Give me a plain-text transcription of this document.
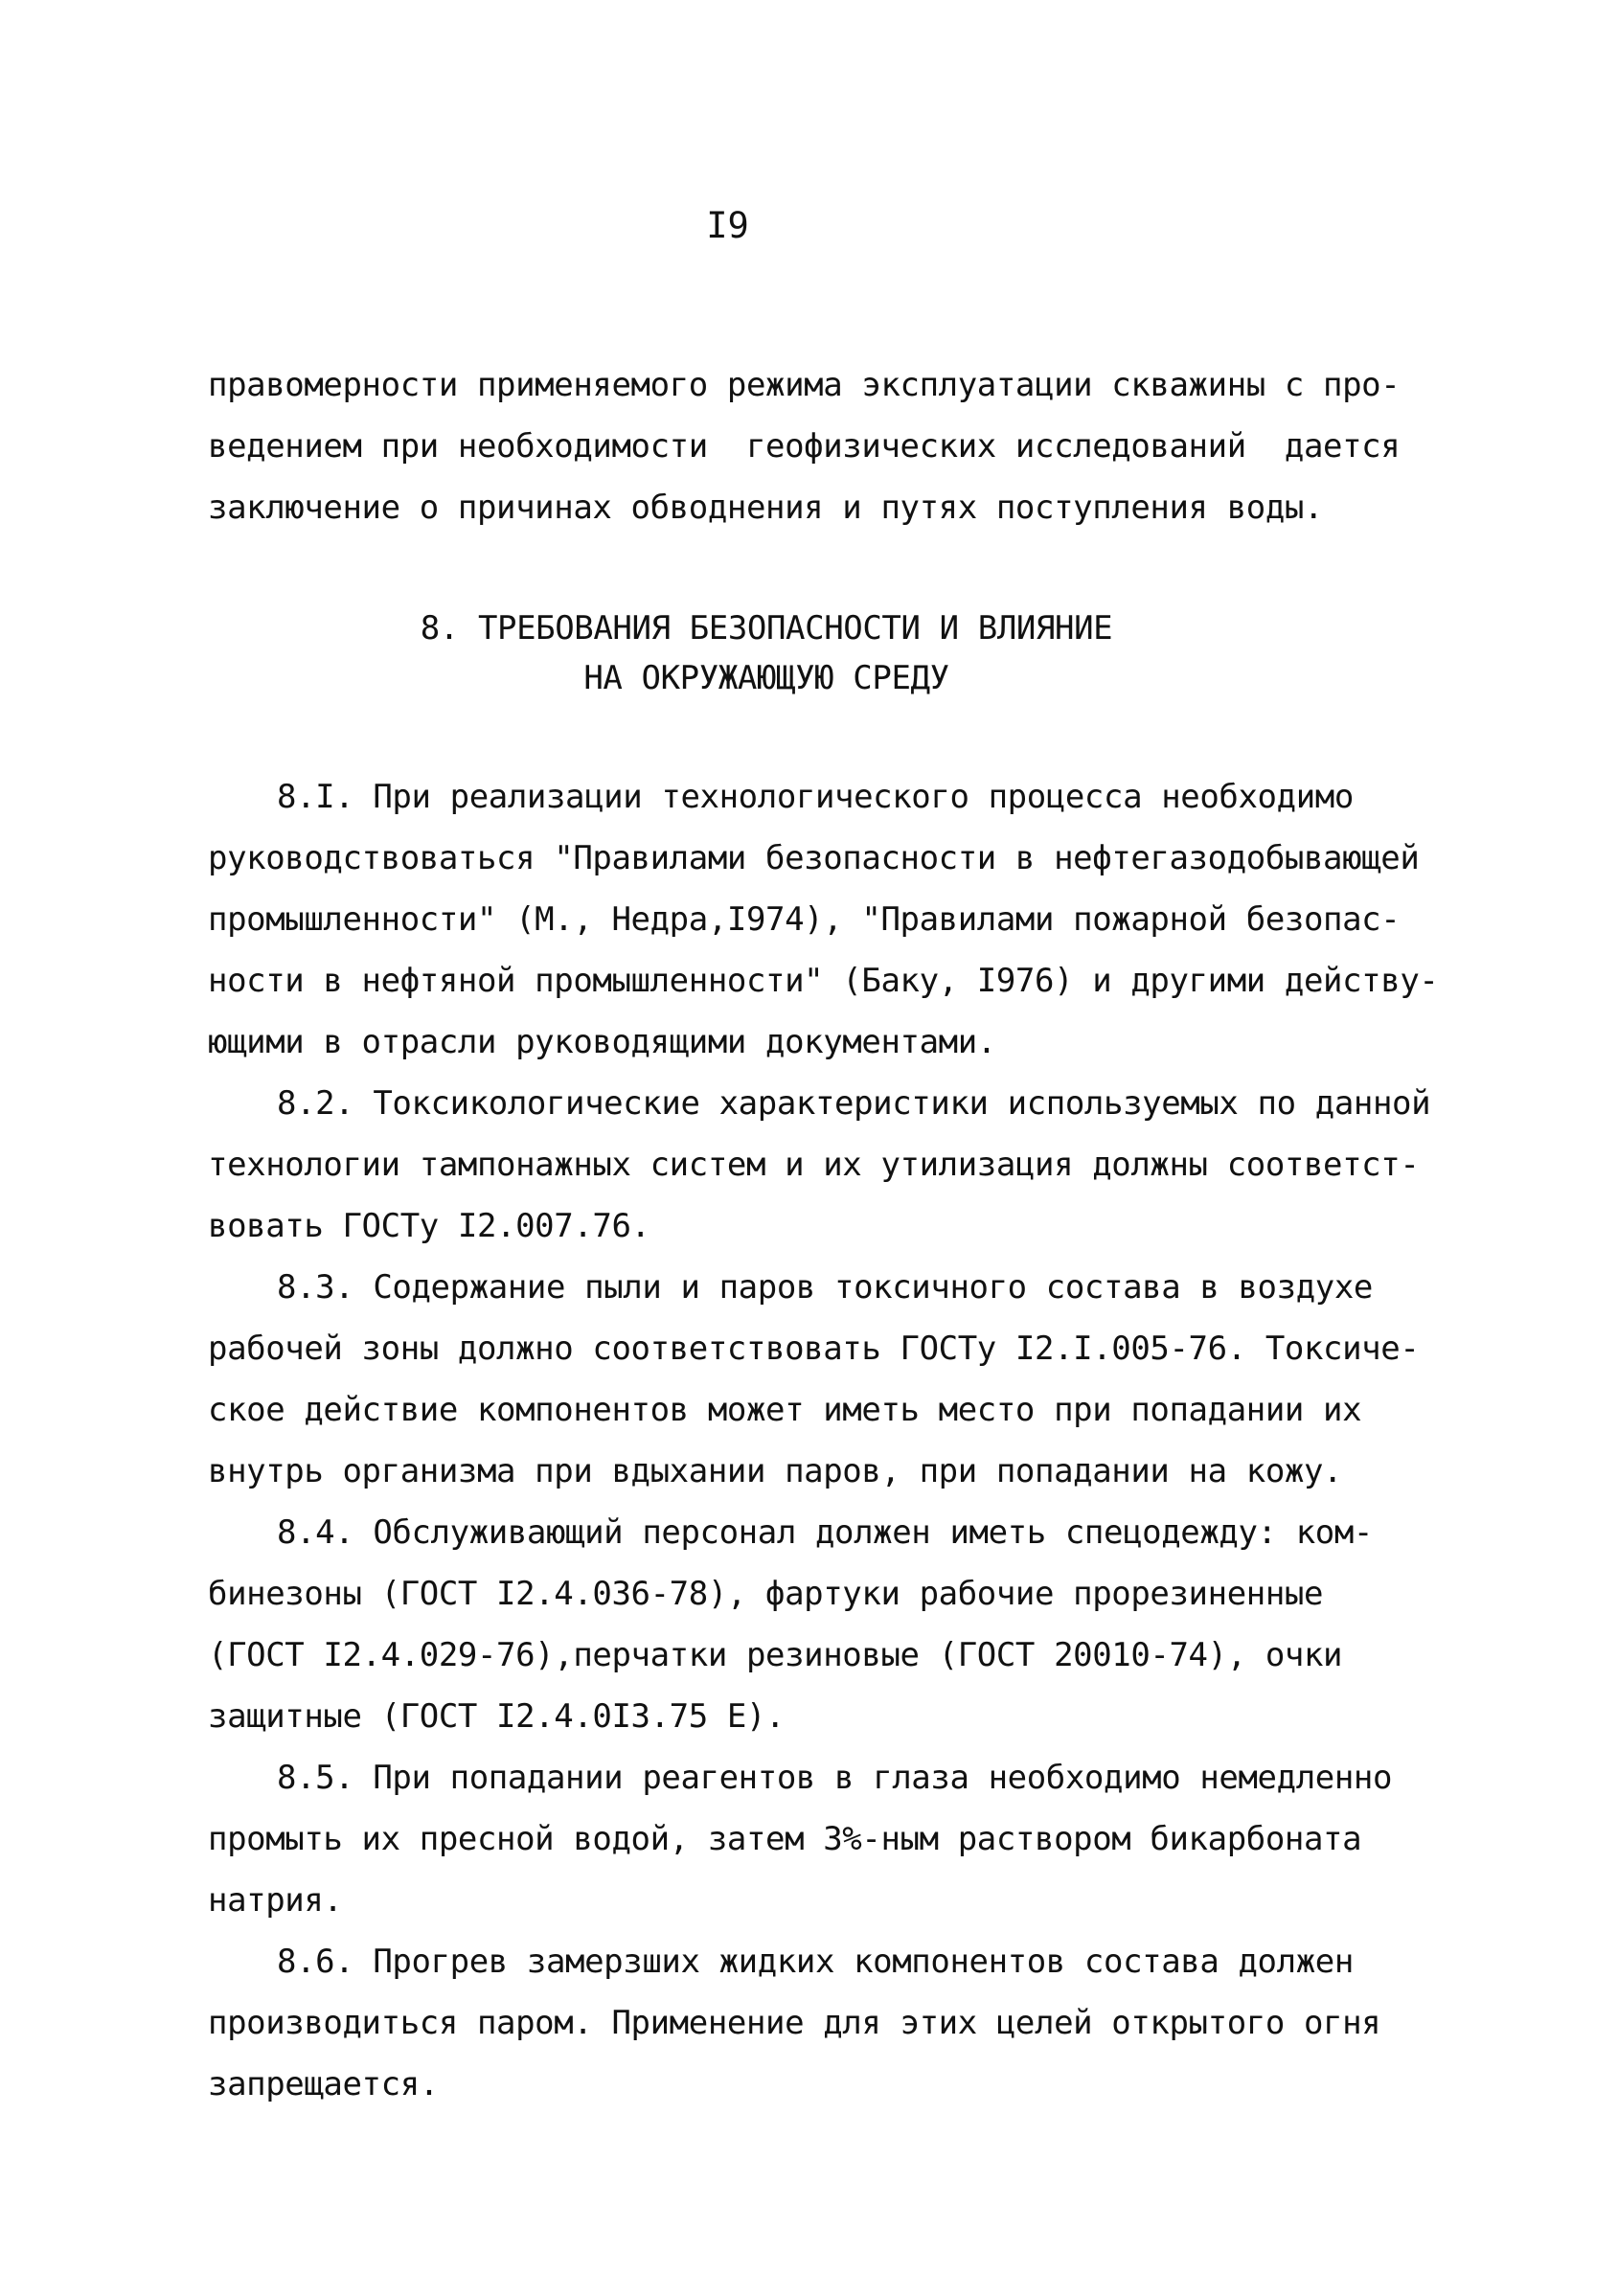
I9
правомерности применяемого режима эксплуатации скважины с про-
ведением при необходимости  геофизических исследований  дается
заключение о причинах обводнения и путях поступления воды.
8. ТРЕБОВАНИЯ БЕЗОПАСНОСТИ И ВЛИЯНИЕ
НА ОКРУЖАЮЩУЮ СРЕДУ
8.I. При реализации технологического процесса необходимо
руководствоваться "Правилами безопасности в нефтегазодобывающей
промышленности" (М., Недра,I974), "Правилами пожарной безопас-
ности в нефтяной промышленности" (Баку, I976) и другими действу-
ющими в отрасли руководящими документами.
8.2. Токсикологические характеристики используемых по данной
технологии тампонажных систем и их утилизация должны соответст-
вовать ГОСТу I2.007.76.
8.3. Содержание пыли и паров токсичного состава в воздухе
рабочей зоны должно соответствовать ГОСТу I2.I.005-76. Токсиче-
ское действие компонентов может иметь место при попадании их
внутрь организма при вдыхании паров, при попадании на кожу.
8.4. Обслуживающий персонал должен иметь спецодежду: ком-
бинезоны (ГОСТ I2.4.036-78), фартуки рабочие прорезиненные
(ГОСТ I2.4.029-76),перчатки резиновые (ГОСТ 20010-74), очки
защитные (ГОСТ I2.4.0I3.75 Е).
8.5. При попадании реагентов в глаза необходимо немедленно
промыть их пресной водой, затем 3%-ным раствором бикарбоната
натрия.
8.6. Прогрев замерзших жидких компонентов состава должен
производиться паром. Применение для этих целей открытого огня
запрещается.
